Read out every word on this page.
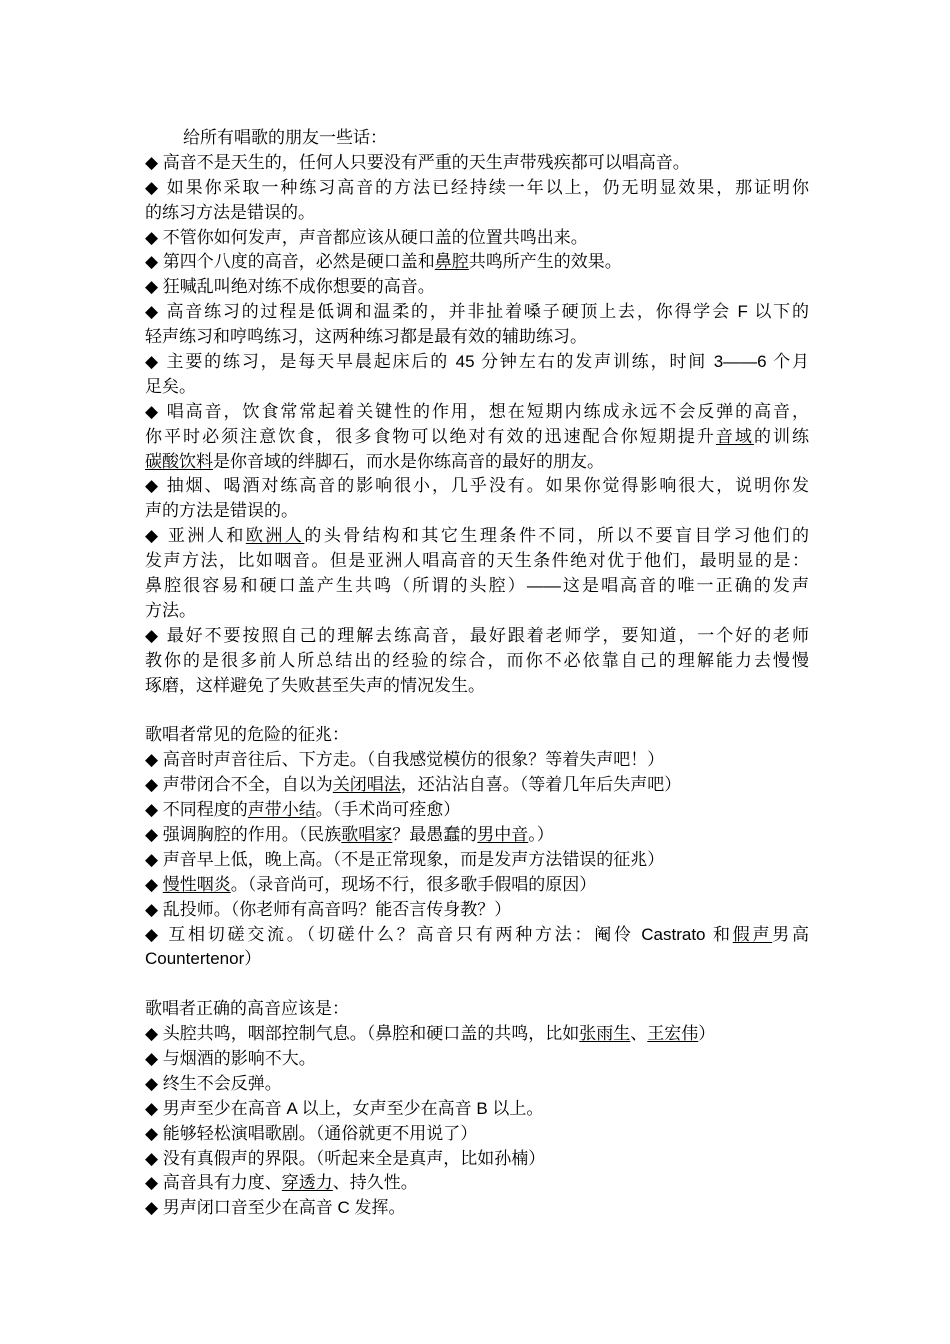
给所有唱歌的朋友一些话：
◆ 高音不是天生的，任何人只要没有严重的天生声带残疾都可以唱高音。
◆ 如果你采取一种练习高音的方法已经持续一年以上，仍无明显效果，那证明你
的练习方法是错误的。
◆ 不管你如何发声，声音都应该从硬口盖的位置共鸣出来。
◆ 第四个八度的高音，必然是硬口盖和鼻腔共鸣所产生的效果。
◆ 狂喊乱叫绝对练不成你想要的高音。
◆ 高音练习的过程是低调和温柔的，并非扯着嗓子硬顶上去，你得学会 F 以下的
轻声练习和哼鸣练习，这两种练习都是最有效的辅助练习。
◆ 主要的练习，是每天早晨起床后的 45 分钟左右的发声训练，时间 3——6 个月
足矣。
◆ 唱高音，饮食常常起着关键性的作用，想在短期内练成永远不会反弹的高音，
你平时必须注意饮食，很多食物可以绝对有效的迅速配合你短期提升音域的训练
碳酸饮料是你音域的绊脚石，而水是你练高音的最好的朋友。
◆ 抽烟、喝酒对练高音的影响很小，几乎没有。如果你觉得影响很大，说明你发
声的方法是错误的。
◆ 亚洲人和欧洲人的头骨结构和其它生理条件不同，所以不要盲目学习他们的
发声方法，比如咽音。但是亚洲人唱高音的天生条件绝对优于他们，最明显的是：
鼻腔很容易和硬口盖产生共鸣（所谓的头腔）——这是唱高音的唯一正确的发声
方法。
◆ 最好不要按照自己的理解去练高音，最好跟着老师学，要知道，一个好的老师
教你的是很多前人所总结出的经验的综合，而你不必依靠自己的理解能力去慢慢
琢磨，这样避免了失败甚至失声的情况发生。

歌唱者常见的危险的征兆：
◆ 高音时声音往后、下方走。（自我感觉模仿的很象？等着失声吧！）
◆ 声带闭合不全，自以为关闭唱法，还沾沾自喜。（等着几年后失声吧）
◆ 不同程度的声带小结。（手术尚可痊愈）
◆ 强调胸腔的作用。（民族歌唱家？最愚蠢的男中音。）
◆ 声音早上低，晚上高。（不是正常现象，而是发声方法错误的征兆）
◆ 慢性咽炎。（录音尚可，现场不行，很多歌手假唱的原因）
◆ 乱投师。（你老师有高音吗？能否言传身教？）
◆ 互相切磋交流。（切磋什么？高音只有两种方法：阉伶 Castrato 和假声男高
Countertenor）

歌唱者正确的高音应该是：
◆ 头腔共鸣，咽部控制气息。（鼻腔和硬口盖的共鸣，比如张雨生、王宏伟）
◆ 与烟酒的影响不大。
◆ 终生不会反弹。
◆ 男声至少在高音 A 以上，女声至少在高音 B 以上。
◆ 能够轻松演唱歌剧。（通俗就更不用说了）
◆ 没有真假声的界限。（听起来全是真声，比如孙楠）
◆ 高音具有力度、穿透力、持久性。
◆ 男声闭口音至少在高音 C 发挥。
